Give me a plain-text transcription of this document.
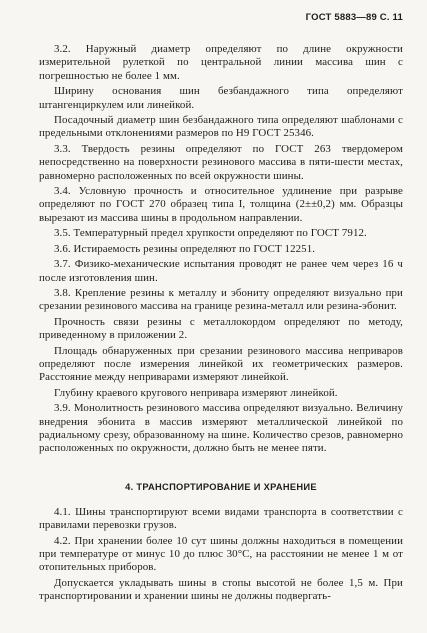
ГОСТ 5883—89 С. 11

3.2. Наружный диаметр определяют по длине окружности измерительной рулеткой по центральной линии массива шин с погрешностью не более 1 мм.

Ширину основания шин безбандажного типа определяют штангенциркулем или линейкой.

Посадочный диаметр шин безбандажного типа определяют шаблонами с предельными отклонениями размеров по Н9 ГОСТ 25346.

3.3. Твердость резины определяют по ГОСТ 263 твердомером непосредственно на поверхности резинового массива в пяти-шести местах, равномерно расположенных по всей окружности шины.

3.4. Условную прочность и относительное удлинение при разрыве определяют по ГОСТ 270 образец типа I, толщина (2±±0,2) мм. Образцы вырезают из массива шины в продольном направлении.

3.5. Температурный предел хрупкости определяют по ГОСТ 7912.

3.6. Истираемость резины определяют по ГОСТ 12251.

3.7. Физико-механические испытания проводят не ранее чем через 16 ч после изготовления шин.

3.8. Крепление резины к металлу и эбониту определяют визуально при срезании резинового массива на границе резина-металл или резина-эбонит.

Прочность связи резины с металлокордом определяют по методу, приведенному в приложении 2.

Площадь обнаруженных при срезании резинового массива неприваров определяют после измерения линейкой их геометрических размеров. Расстояние между неприварами измеряют линейкой.

Глубину краевого кругового непривара измеряют линейкой.

3.9. Монолитность резинового массива определяют визуально. Величину внедрения эбонита в массив измеряют металлической линейкой по радиальному срезу, образованному на шине. Количество срезов, равномерно расположенных по окружности, должно быть не менее пяти.

4. ТРАНСПОРТИРОВАНИЕ И ХРАНЕНИЕ

4.1. Шины транспортируют всеми видами транспорта в соответствии с правилами перевозки грузов.

4.2. При хранении более 10 сут шины должны находиться в помещении при температуре от минус 10 до плюс 30°С, на расстоянии не менее 1 м от отопительных приборов.

Допускается укладывать шины в стопы высотой не более 1,5 м. При транспортировании и хранении шины не должны подвергать-
